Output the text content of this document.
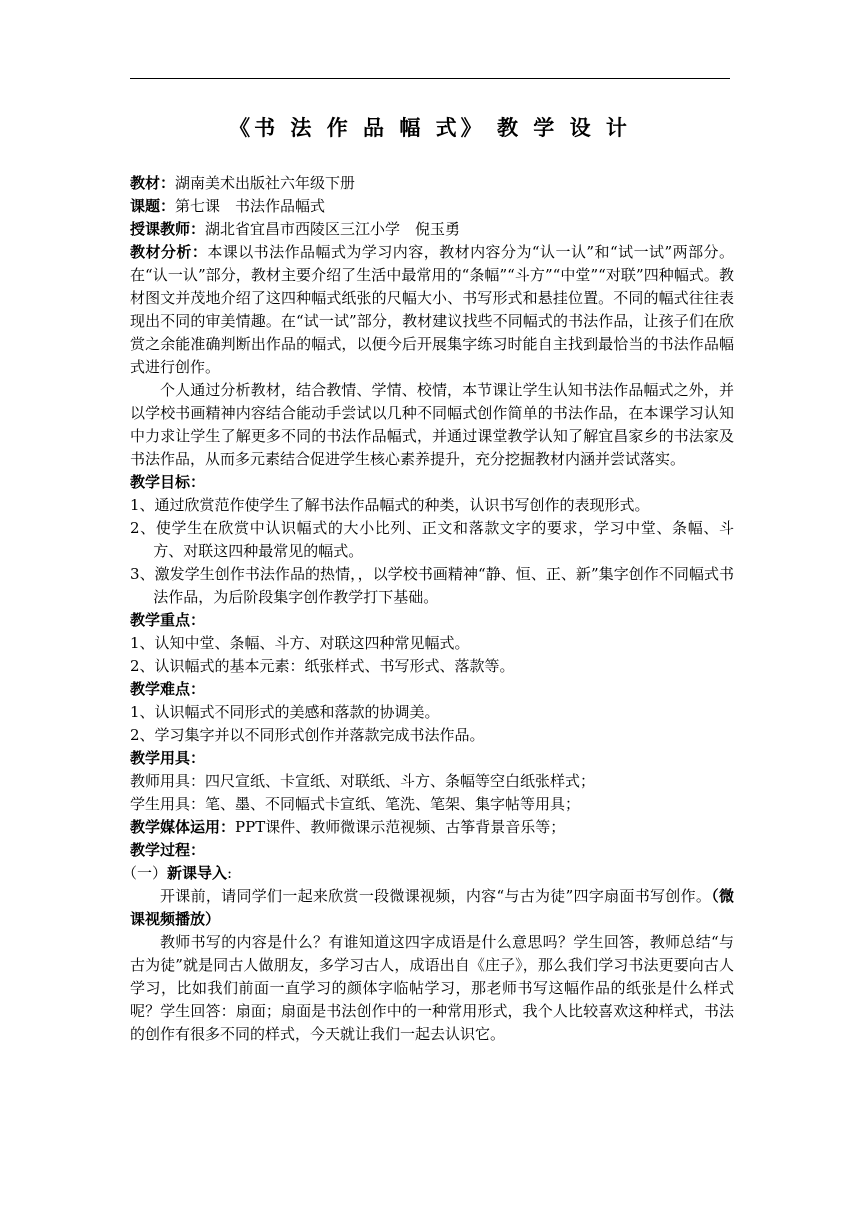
《书 法 作 品 幅 式》 教 学 设 计

教材：湖南美术出版社六年级下册

课题：第七课　书法作品幅式

授课教师：湖北省宜昌市西陵区三江小学　倪玉勇

教材分析：本课以书法作品幅式为学习内容，教材内容分为“认一认”和“试一试”两部分。在“认一认”部分，教材主要介绍了生活中最常用的“条幅”“斗方”“中堂”“对联”四种幅式。教材图文并茂地介绍了这四种幅式纸张的尺幅大小、书写形式和悬挂位置。不同的幅式往往表现出不同的审美情趣。在“试一试”部分，教材建议找些不同幅式的书法作品，让孩子们在欣赏之余能准确判断出作品的幅式，以便今后开展集字练习时能自主找到最恰当的书法作品幅式进行创作。

个人通过分析教材，结合教情、学情、校情，本节课让学生认知书法作品幅式之外，并以学校书画精神内容结合能动手尝试以几种不同幅式创作简单的书法作品，在本课学习认知中力求让学生了解更多不同的书法作品幅式，并通过课堂教学认知了解宜昌家乡的书法家及书法作品，从而多元素结合促进学生核心素养提升，充分挖掘教材内涵并尝试落实。

教学目标：

1、通过欣赏范作使学生了解书法作品幅式的种类，认识书写创作的表现形式。

2、使学生在欣赏中认识幅式的大小比列、正文和落款文字的要求，学习中堂、条幅、斗方、对联这四种最常见的幅式。

3、激发学生创作书法作品的热情，，以学校书画精神“静、恒、正、新”集字创作不同幅式书法作品，为后阶段集字创作教学打下基础。

教学重点：

1、认知中堂、条幅、斗方、对联这四种常见幅式。

2、认识幅式的基本元素：纸张样式、书写形式、落款等。

教学难点：

1、认识幅式不同形式的美感和落款的协调美。

2、学习集字并以不同形式创作并落款完成书法作品。

教学用具：

教师用具：四尺宣纸、卡宣纸、对联纸、斗方、条幅等空白纸张样式；

学生用具：笔、墨、不同幅式卡宣纸、笔洗、笔架、集字帖等用具；

教学媒体运用：PPT课件、教师微课示范视频、古筝背景音乐等；

教学过程：

（一）新课导入:

开课前，请同学们一起来欣赏一段微课视频，内容“与古为徒”四字扇面书写创作。（微课视频播放）

教师书写的内容是什么？有谁知道这四字成语是什么意思吗？学生回答，教师总结“与古为徒”就是同古人做朋友，多学习古人，成语出自《庄子》，那么我们学习书法更要向古人学习，比如我们前面一直学习的颜体字临帖学习，那老师书写这幅作品的纸张是什么样式呢？学生回答：扇面；扇面是书法创作中的一种常用形式，我个人比较喜欢这种样式，书法的创作有很多不同的样式，今天就让我们一起去认识它。
